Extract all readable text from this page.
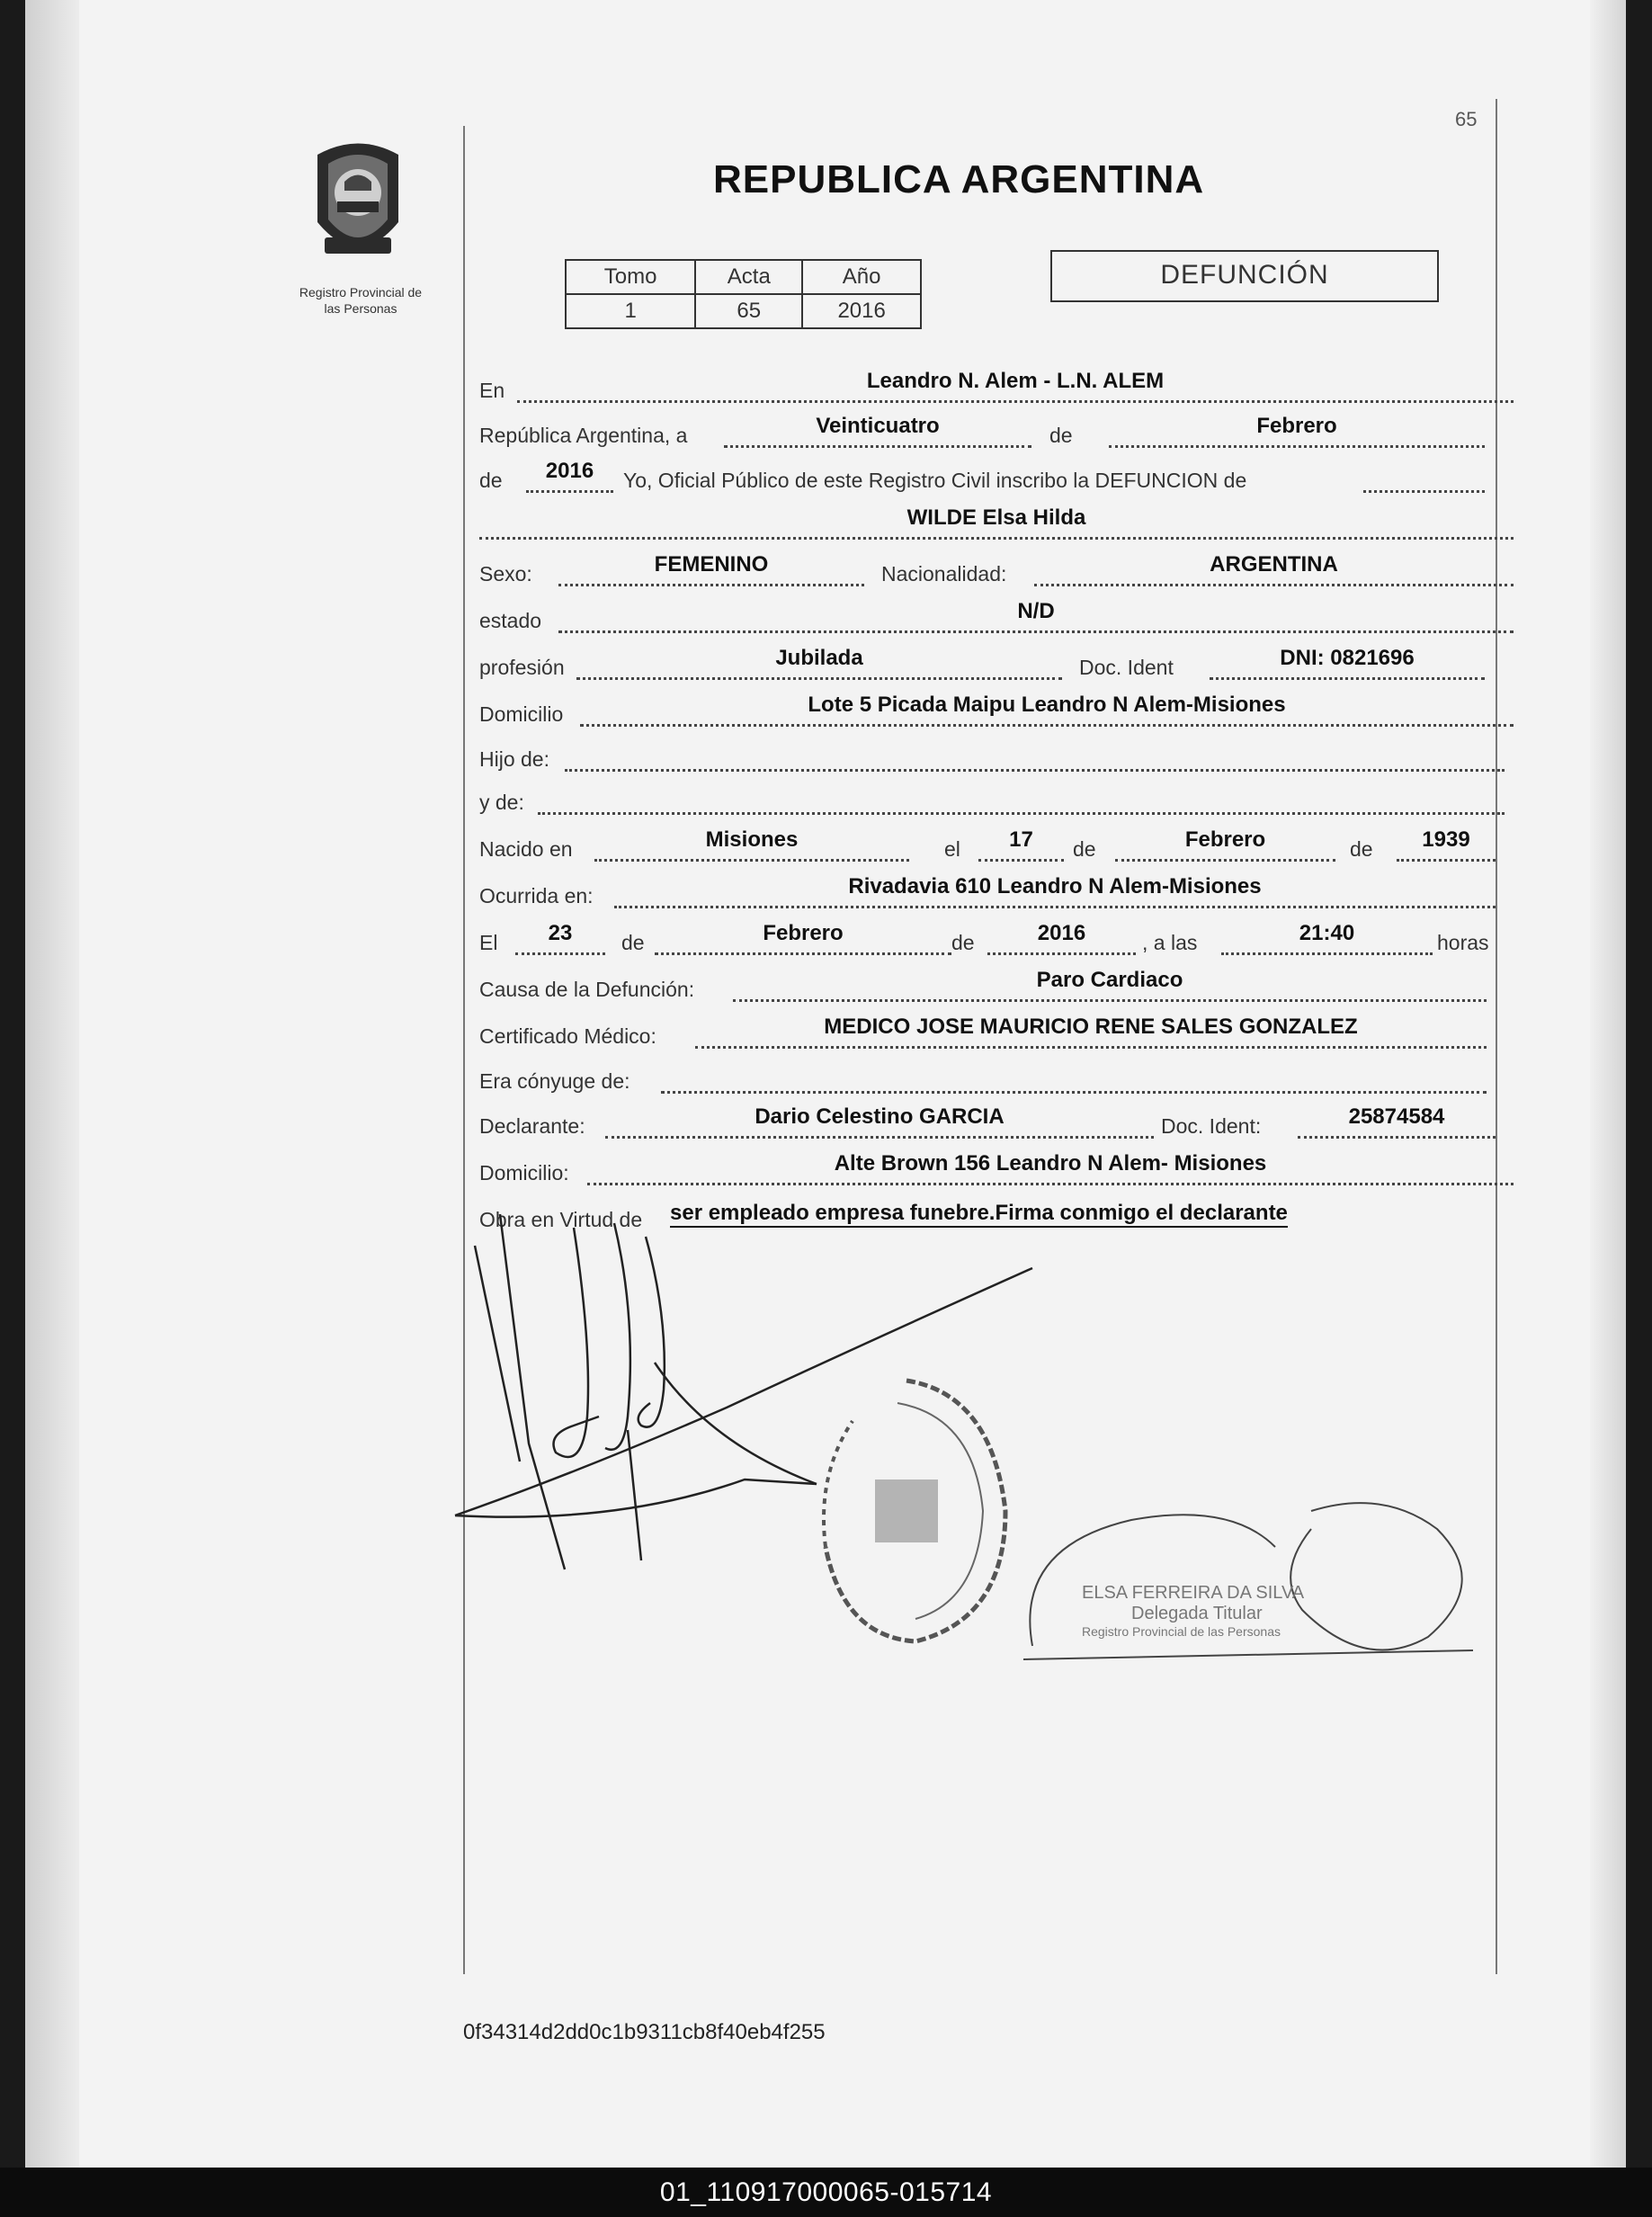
65
Registro Provincial de
las Personas
REPUBLICA ARGENTINA
Tomo	Acta	Año
1	65	2016
DEFUNCIÓN
En	Leandro N. Alem - L.N. ALEM
República Argentina, a	Veinticuatro	de	Febrero
de	2016	Yo, Oficial Público de este Registro Civil inscribo la DEFUNCION de
WILDE Elsa Hilda
Sexo:	FEMENINO	Nacionalidad:	ARGENTINA
estado	N/D
profesión	Jubilada	Doc. Ident	DNI: 0821696
Domicilio	Lote 5 Picada Maipu Leandro N Alem-Misiones
Hijo de:
y de:
Nacido en	Misiones	el	17	de	Febrero	de	1939
Ocurrida en:	Rivadavia 610 Leandro N Alem-Misiones
El	23	de	Febrero	de	2016	, a las	21:40	horas
Causa de la Defunción:	Paro Cardiaco
Certificado Médico:	MEDICO JOSE MAURICIO RENE SALES GONZALEZ
Era cónyuge de:
Declarante:	Dario Celestino GARCIA	Doc. Ident:	25874584
Domicilio:	Alte Brown 156 Leandro N Alem- Misiones
Obra en Virtud de ser empleado empresa funebre.Firma conmigo el declarante
ELSA FERREIRA DA SILVA
Delegada Titular
Registro Provincial de las Personas
0f34314d2dd0c1b9311cb8f40eb4f255
01_110917000065-015714
